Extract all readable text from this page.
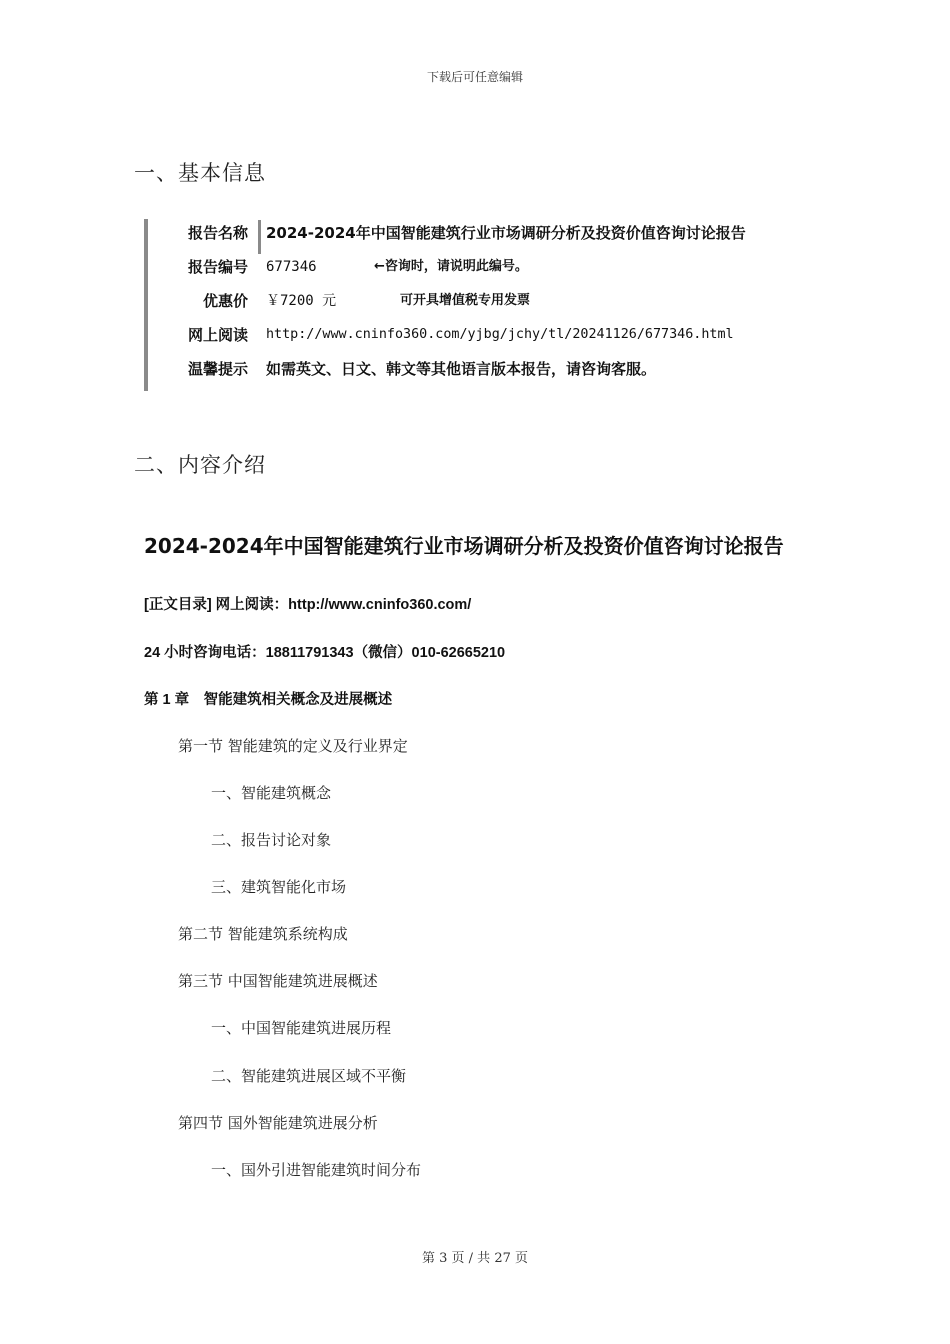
下载后可任意编辑
一、基本信息
报告名称 2024-2024年中国智能建筑行业市场调研分析及投资价值咨询讨论报告
报告编号 677346	←咨询时，请说明此编号。
优惠价 ￥7200 元	可开具增值税专用发票
网上阅读 http://www.cninfo360.com/yjbg/jchy/tl/20241126/677346.html
温馨提示 如需英文、日文、韩文等其他语言版本报告，请咨询客服。
二、内容介绍
2024-2024年中国智能建筑行业市场调研分析及投资价值咨询讨论报告
[正文目录] 网上阅读：http://www.cninfo360.com/
24 小时咨询电话：18811791343（微信）010-62665210
第 1 章　智能建筑相关概念及进展概述
第一节 智能建筑的定义及行业界定
一、智能建筑概念
二、报告讨论对象
三、建筑智能化市场
第二节 智能建筑系统构成
第三节 中国智能建筑进展概述
一、中国智能建筑进展历程
二、智能建筑进展区域不平衡
第四节 国外智能建筑进展分析
一、国外引进智能建筑时间分布
第 3 页 / 共 27 页
